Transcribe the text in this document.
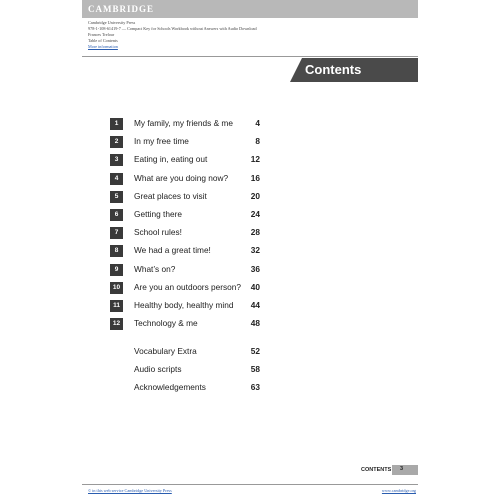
CAMBRIDGE
Cambridge University Press
978-1-108-61419-7 — Compact Key for Schools Workbook without Answers with Audio Download
Frances Treloar
Table of Contents
More information
Contents
1	My family, my friends & me	4
2	In my free time	8
3	Eating in, eating out	12
4	What are you doing now?	16
5	Great places to visit	20
6	Getting there	24
7	School rules!	28
8	We had a great time!	32
9	What’s on?	36
10	Are you an outdoors person? 40
11	Healthy body, healthy mind 44
12	Technology & me	48
Vocabulary Extra	52
Audio scripts	58
Acknowledgements	63
CONTENTS 3
© in this web service Cambridge University Press	www.cambridge.org
